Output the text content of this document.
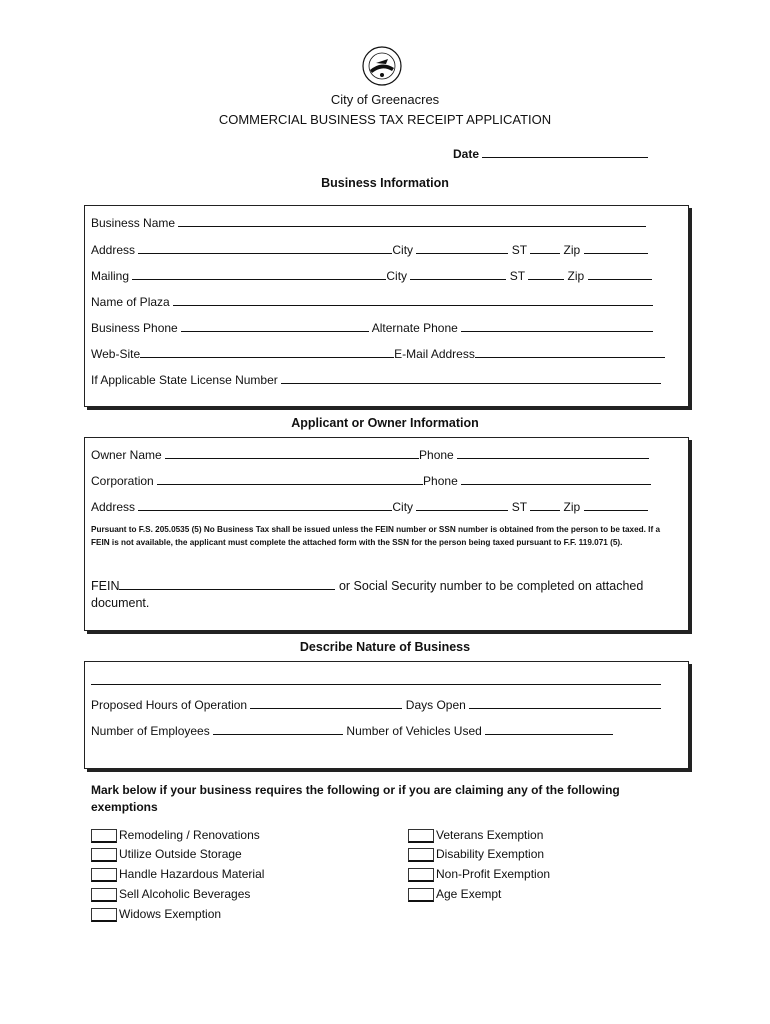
City of Greenacres
COMMERCIAL BUSINESS TAX RECEIPT APPLICATION
Date
Business Information
Business Name
Address	City	ST	Zip
Mailing	City	ST	Zip
Name of Plaza
Business Phone	Alternate Phone
Web-Site	E-Mail Address
If Applicable State License Number
Applicant or Owner Information
Owner Name	Phone
Corporation	Phone
Address	City	ST	Zip
Pursuant to F.S. 205.0535 (5) No Business Tax shall be issued unless the FEIN number or SSN number is obtained from the person to be taxed. If a FEIN is not available, the applicant must complete the attached form with the SSN for the person being taxed pursuant to F.F. 119.071 (5).
FEIN	or Social Security number to be completed on attached document.
Describe Nature of Business
Proposed Hours of Operation	Days Open
Number of Employees	Number of Vehicles Used
Mark below if your business requires the following or if you are claiming any of the following exemptions
Remodeling / Renovations
Utilize Outside Storage
Handle Hazardous Material
Sell Alcoholic Beverages
Widows Exemption
Veterans Exemption
Disability Exemption
Non-Profit Exemption
Age Exempt
